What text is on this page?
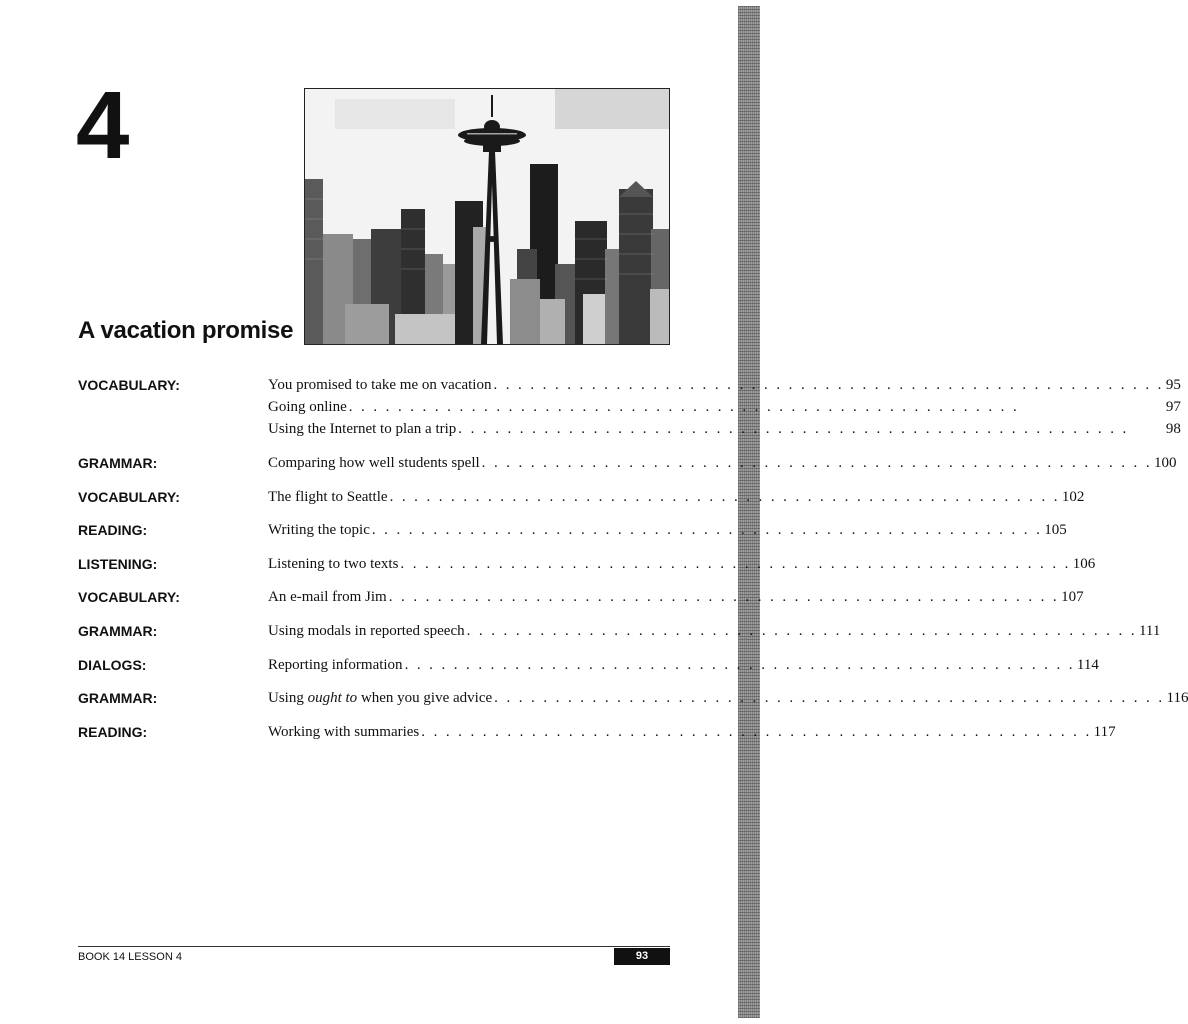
4
A vacation promise
VOCABULARY:	You promised to take me on vacation . . .	95
Going online . . .	97
Using the Internet to plan a trip . . .	98
GRAMMAR:	Comparing how well students spell . . .	100
VOCABULARY:	The flight to Seattle . . .	102
READING:	Writing the topic . . .	105
LISTENING:	Listening to two texts . . .	106
VOCABULARY:	An e-mail from Jim . . .	107
GRAMMAR:	Using modals in reported speech . . .	111
DIALOGS:	Reporting information . . .	114
GRAMMAR:	Using ought to when you give advice . . .	116
READING:	Working with summaries . . .	117
BOOK 14 LESSON 4	93
